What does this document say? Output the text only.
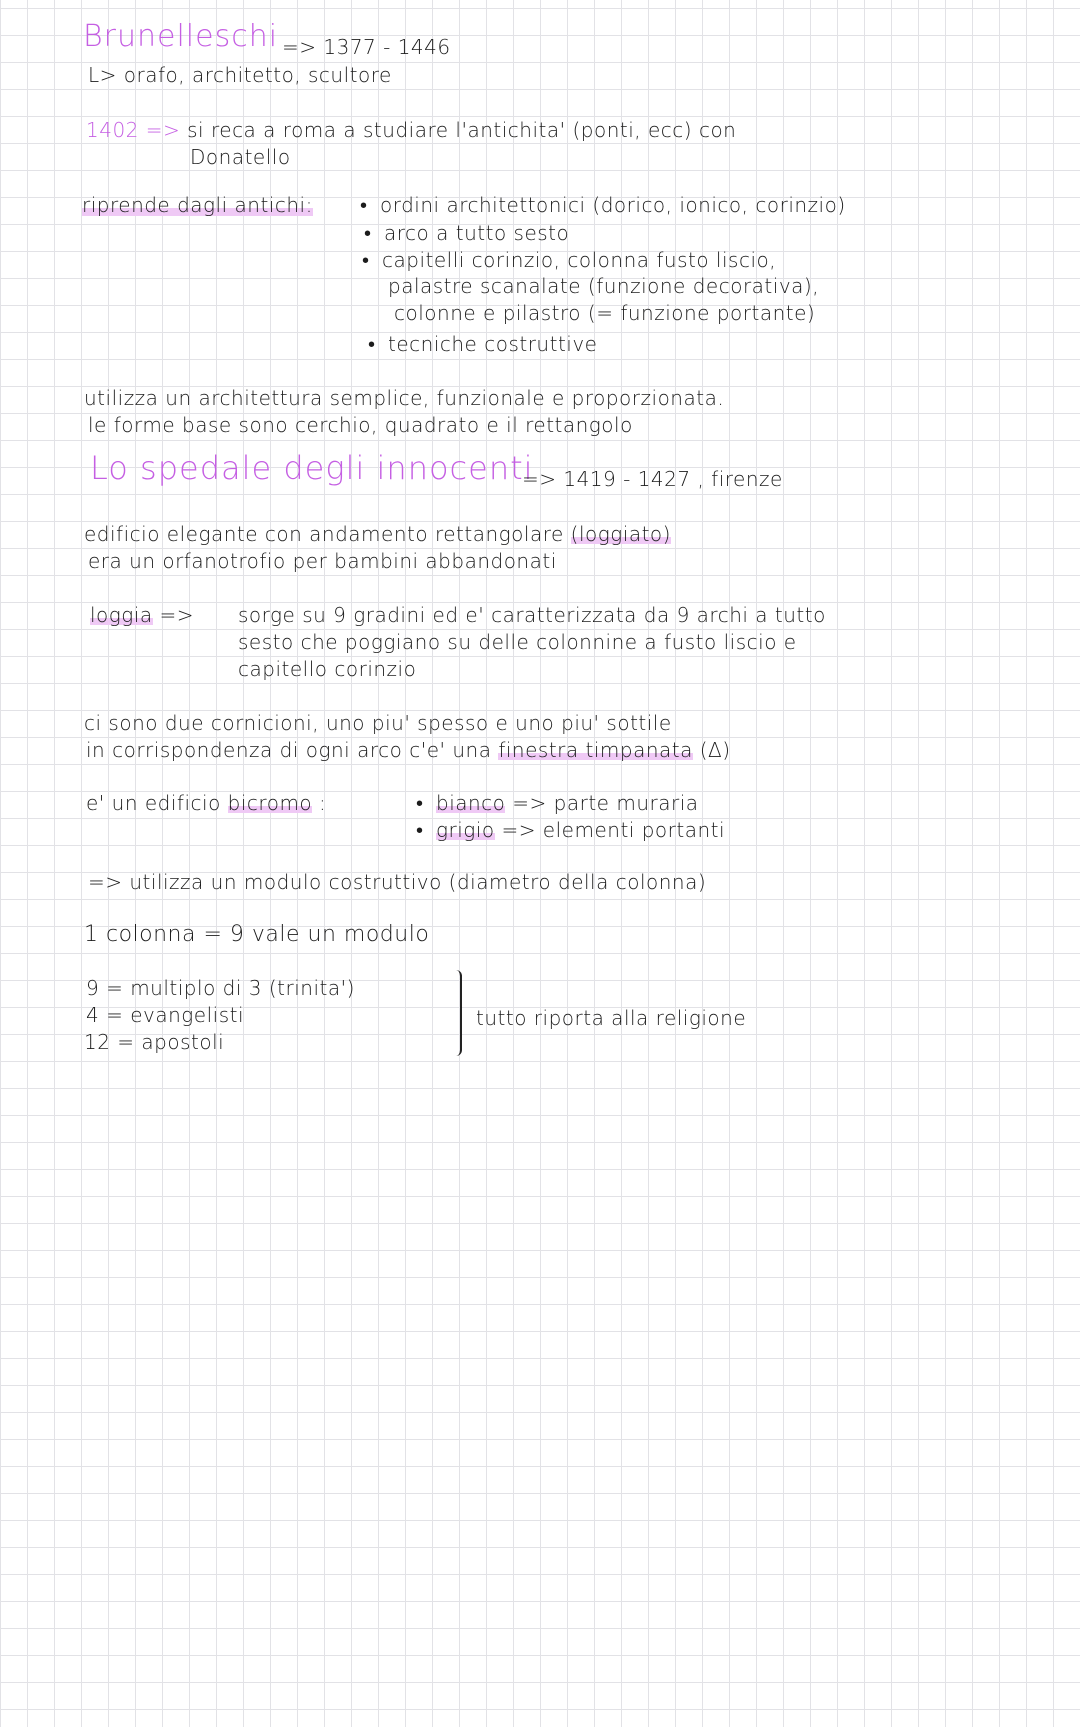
Brunelleschi => 1377 - 1446
L> orafo, architetto, scultore
1402 => si reca a roma a studiare l'antichita' (ponti, ecc) con
Donatello
riprende dagli antichi:	• ordini architettonici (dorico, ionico, corinzio)
• arco a tutto sesto
• capitelli corinzio, colonna fusto liscio,
palastre scanalate (funzione decorativa),
colonne e pilastro (= funzione portante)
• tecniche costruttive
utilizza un architettura semplice, funzionale e proporzionata.
le forme base sono cerchio, quadrato e il rettangolo
Lo spedale degli innocenti
=> 1419 - 1427 , firenze
edificio elegante con andamento rettangolare (loggiato)
era un orfanotrofio per bambini abbandonati
loggia => sorge su 9 gradini ed e' caratterizzata da 9 archi a tutto
sesto che poggiano su delle colonnine a fusto liscio e
capitello corinzio
ci sono due cornicioni, uno piu' spesso e uno piu' sottile
in corrispondenza di ogni arco c'e' una finestra timpanata (Δ)
e' un edificio bicromo :	• bianco => parte muraria
• grigio => elementi portanti
=> utilizza un modulo costruttivo (diametro della colonna)
1 colonna = 9 vale un modulo
9 = multiplo di 3 (trinita')
4 = evangelisti
12 = apostoli
tutto riporta alla religione
